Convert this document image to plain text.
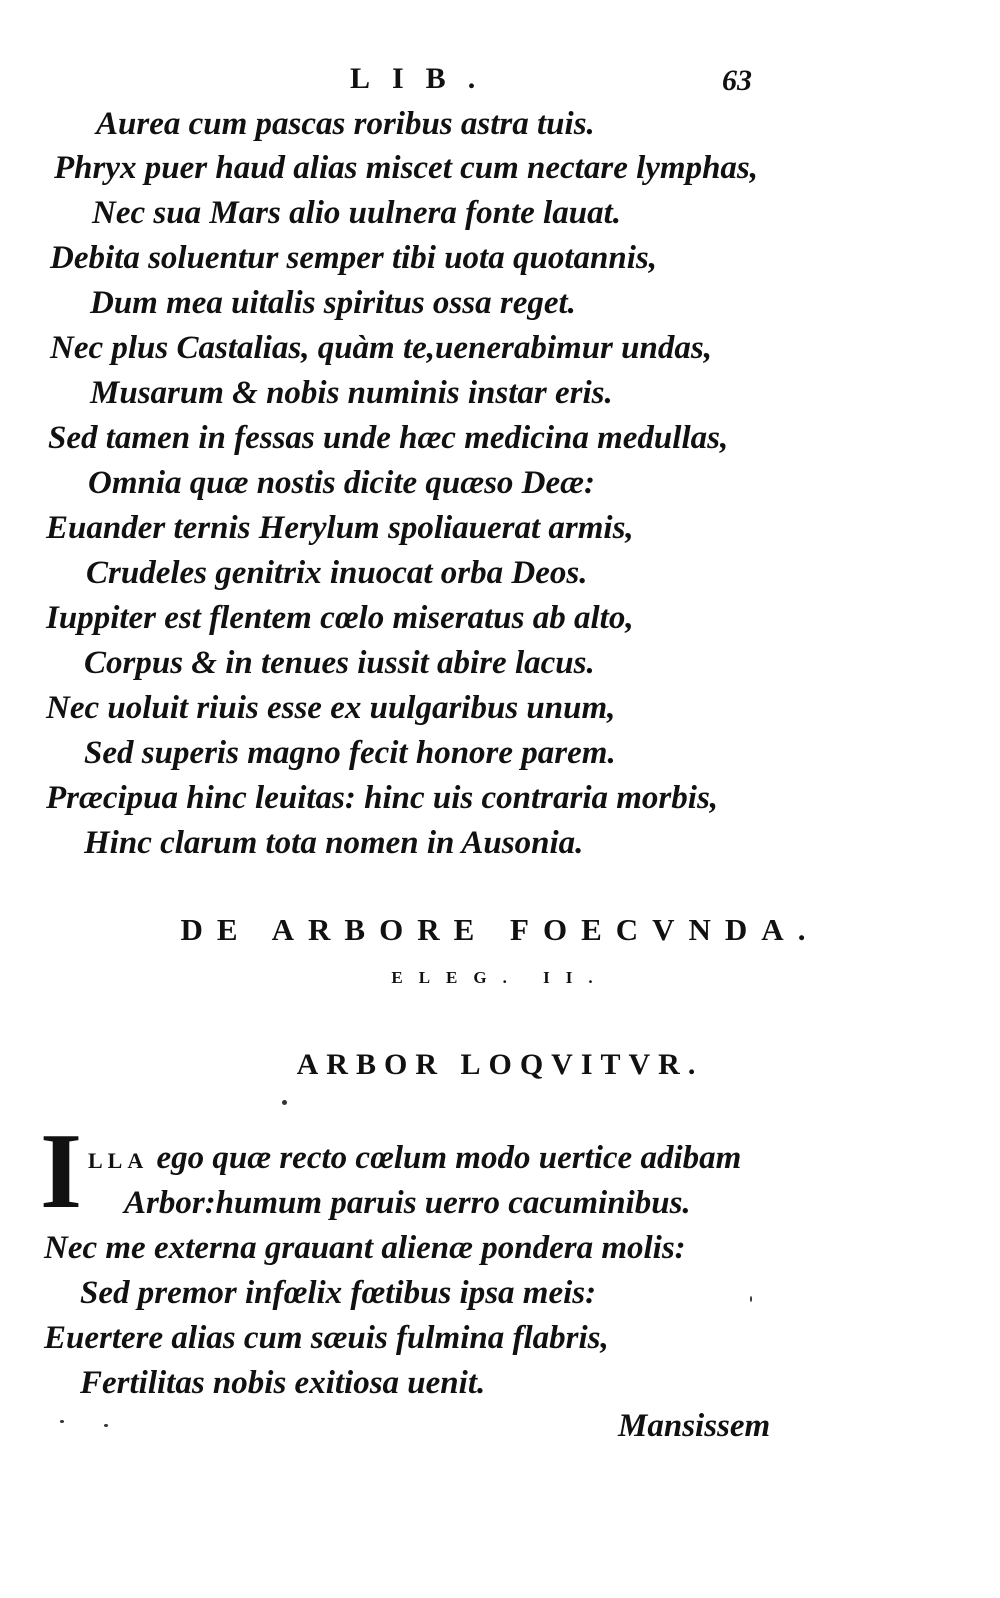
LIB.	63
Aurea cum pascas roribus astra tuis.
Phryx puer haud alias miscet cum nectare lymphas,
Nec sua Mars alio uulnera fonte lauat.
Debita soluentur semper tibi uota quotannis,
Dum mea uitalis spiritus ossa reget.
Nec plus Castalias, quàm te,uenerabimur undas,
Musarum & nobis numinis instar eris.
Sed tamen in fessas unde hæc medicina medullas,
Omnia quæ nostis dicite quæso Deæ:
Euander ternis Herylum spoliauerat armis,
Crudeles genitrix inuocat orba Deos.
Iuppiter est flentem cœlo miseratus ab alto,
Corpus & in tenues iussit abire lacus.
Nec uoluit riuis esse ex uulgaribus unum,
Sed superis magno fecit honore parem.
Præcipua hinc leuitas: hinc uis contraria morbis,
Hinc clarum tota nomen in Ausonia.
DE ARBORE FOECVNDA.
ELEG. II.
ARBOR LOQVITVR.
I LLA ego quæ recto cœlum modo uertice adibam
Arbor:humum paruis uerro cacuminibus.
Nec me externa grauant alienæ pondera molis:
Sed premor infœlix fœtibus ipsa meis:
Euertere alias cum sæuis fulmina flabris,
Fertilitas nobis exitiosa uenit.
Mansissem
